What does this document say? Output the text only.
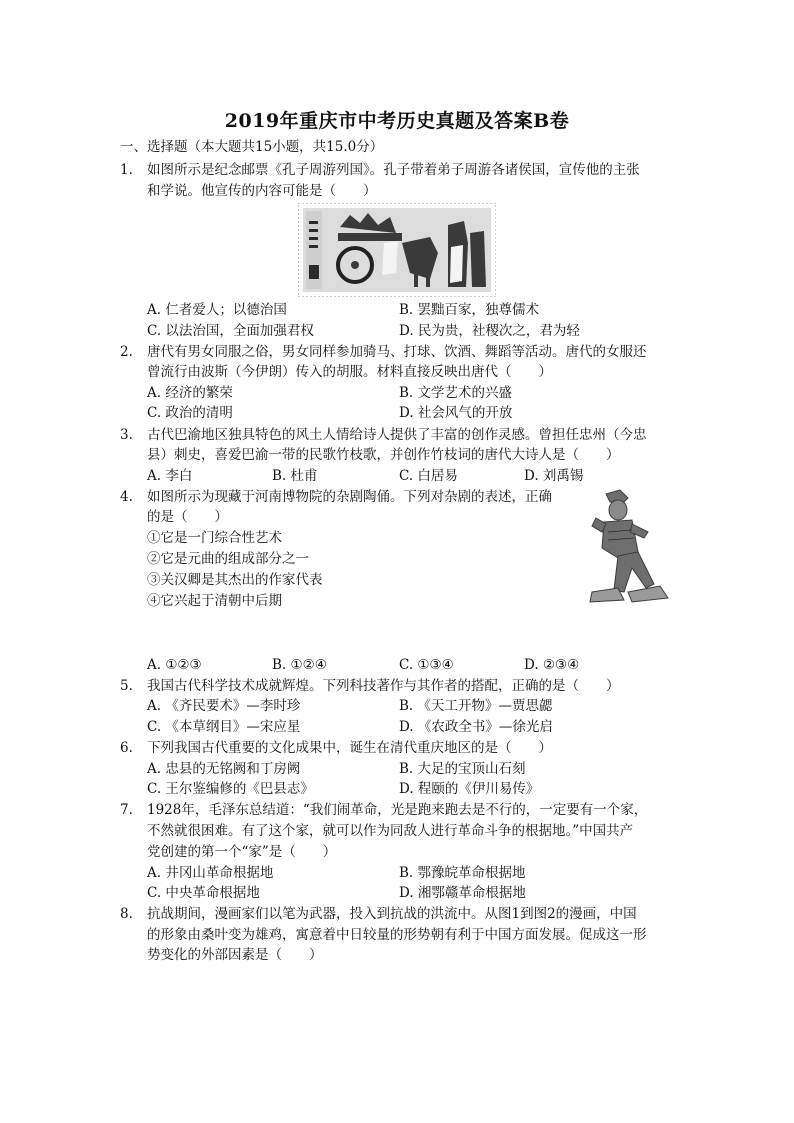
2019年重庆市中考历史真题及答案B卷
一、选择题（本大题共15小题，共15.0分）
1. 如图所示是纪念邮票《孔子周游列国》。孔子带着弟子周游各诸侯国，宣传他的主张
和学说。他宣传的内容可能是（　　）
A. 仁者爱人；以德治国	B. 罢黜百家，独尊儒术
C. 以法治国，全面加强君权	D. 民为贵，社稷次之，君为轻
2. 唐代有男女同服之俗，男女同样参加骑马、打球、饮酒、舞蹈等活动。唐代的女服还
曾流行由波斯（今伊朗）传入的胡服。材料直接反映出唐代（　　）
A. 经济的繁荣	B. 文学艺术的兴盛
C. 政治的清明	D. 社会风气的开放
3. 古代巴渝地区独具特色的风土人情给诗人提供了丰富的创作灵感。曾担任忠州（今忠
县）刺史，喜爱巴渝一带的民歌竹枝歌，并创作竹枝词的唐代大诗人是（　　）
A. 李白	B. 杜甫	C. 白居易	D. 刘禹锡
4. 如图所示为现藏于河南博物院的杂剧陶俑。下列对杂剧的表述，正确
的是（　　）
①它是一门综合性艺术
②它是元曲的组成部分之一
③关汉卿是其杰出的作家代表
④它兴起于清朝中后期
A. ①②③	B. ①②④	C. ①③④	D. ②③④
5. 我国古代科学技术成就辉煌。下列科技著作与其作者的搭配，正确的是（　　）
A. 《齐民要术》—李时珍	B. 《天工开物》—贾思勰
C. 《本草纲目》—宋应星	D. 《农政全书》—徐光启
6. 下列我国古代重要的文化成果中，诞生在清代重庆地区的是（　　）
A. 忠县的无铭阙和丁房阙	B. 大足的宝顶山石刻
C. 王尔鉴编修的《巴县志》	D. 程颐的《伊川易传》
7. 1928年，毛泽东总结道：“我们闹革命，光是跑来跑去是不行的，一定要有一个家，
不然就很困难。有了这个家，就可以作为同敌人进行革命斗争的根据地。”中国共产
党创建的第一个“家”是（　　）
A. 井冈山革命根据地	B. 鄂豫皖革命根据地
C. 中央革命根据地	D. 湘鄂赣革命根据地
8. 抗战期间，漫画家们以笔为武器，投入到抗战的洪流中。从图1到图2的漫画，中国
的形象由桑叶变为雄鸡，寓意着中日较量的形势朝有利于中国方面发展。促成这一形
势变化的外部因素是（　　）
